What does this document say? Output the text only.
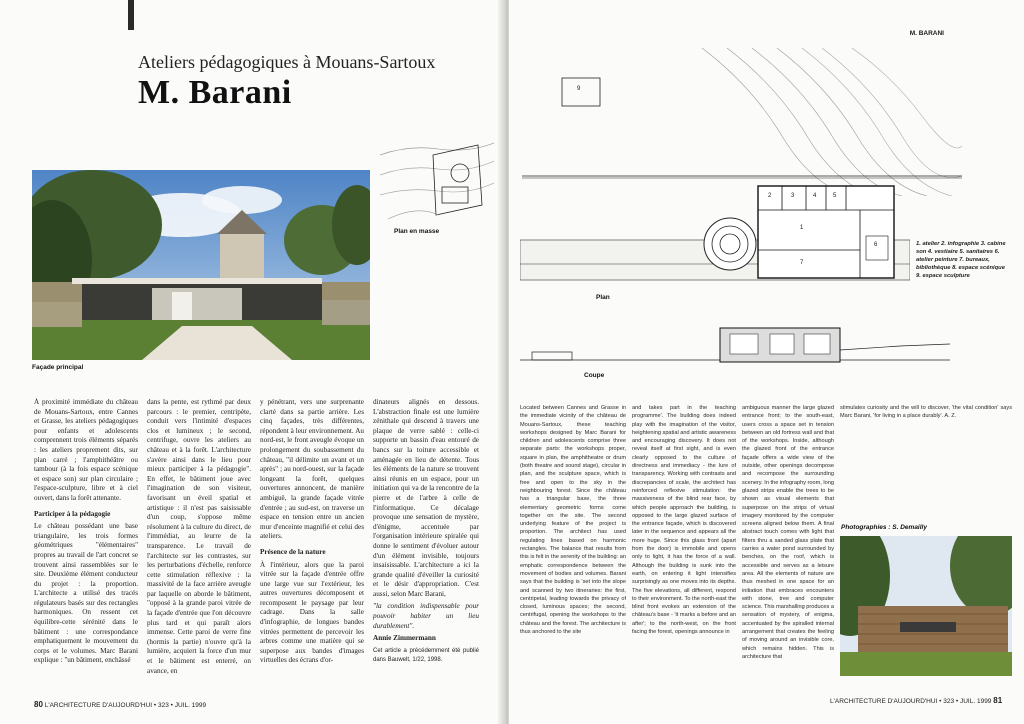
Ateliers pédagogiques à Mouans-Sartoux
M. Barani
Façade principal
Plan en masse

À proximité immédiate du château de Mouans-Sartoux, entre Cannes et Grasse, les ateliers pédagogiques pour enfants et adolescents comprennent trois éléments séparés : les ateliers proprement dits, sur plan carré ; l'amphithéâtre ou tambour (à la fois espace scénique et espace son) sur plan circulaire ; l'espace-sculpture, libre et à ciel ouvert, dans la forêt attenante.

Participer à la pédagogie

Le château possédant une base triangulaire, les trois formes géométriques "élémentaires" propres au travail de l'art concret se trouvent ainsi rassemblées sur le site. Deuxième élément conducteur du projet : la proportion. L'architecte a utilisé des tracés régulateurs basés sur des rectangles harmoniques. On ressent cet équilibre-cette sérénité dans le bâtiment : une correspondance emphatiquement le mouvement du corps et le volumes. Marc Barani explique : "un bâtiment, enchâssé

dans la pente, est rythmé par deux parcours : le premier, centripète, conduit vers l'intimité d'espaces clos et lumineux ; le second, centrifuge, ouvre les ateliers au château et à la forêt. L'architecture s'avère ainsi dans le lieu pour mieux participer à la pédagogie". En effet, le bâtiment joue avec l'imagination de son visiteur, favorisant un éveil spatial et artistique : il n'est pas saisissable d'un coup, s'oppose même résolument à la culture du direct, de l'immédiat, au leurre de la transparence. Le travail de l'architecte sur les contrastes, sur les perturbations d'échelle, renforce cette stimulation réflexive : la massivité de la face arrière aveugle par laquelle on aborde le bâtiment, "opposé à la grande paroi vitrée de la façade d'entrée que l'on découvre plus tard et qui paraît alors immense. Cette paroi de verre fine (hormis la partie) n'ouvre qu'à la lumière, acquiert la force d'un mur et le bâtiment est enterré, on avance, en

y pénétrant, vers une surprenante clarté dans sa partie arrière. Les cinq façades, très différentes, répondent à leur environnement. Au nord-est, le front aveugle évoque un prolongement du soubassement du château, "il délimite un avant et un après" ; au nord-ouest, sur la façade longeant la forêt, quelques ouvertures annoncent, de manière ambiguë, la grande façade vitrée d'entrée ; au sud-est, on traverse un espace en tension entre un ancien mur d'enceinte magnifié et celui des ateliers.

Présence de la nature

À l'intérieur, alors que la paroi vitrée sur la façade d'entrée offre une large vue sur l'extérieur, les autres ouvertures décomposent et recomposent le paysage par leur cadrage. Dans la salle d'infographie, de longues bandes vitrées permettent de percevoir les arbres comme une matière qui se superpose aux bandes d'images virtuelles des écrans d'or-

dinateurs alignés en dessous. L'abstraction finale est une lumière zénithale qui descend à travers une plaque de verre sablé : celle-ci supporte un bassin d'eau entouré de bancs sur la toiture accessible et aménagée en lieu de détente. Tous les éléments de la nature se trouvent ainsi réunis en un espace, pour un initiation qui va de la rencontre de la pierre et de l'arbre à celle de l'informatique. Ce décalage provoque une sensation de mystère, d'énigme, accentuée par l'organisation intérieure spiralée qui donne le sentiment d'évoluer autour d'un élément invisible, toujours insaisissable. L'architecture a ici la grande qualité d'éveiller la curiosité et le désir d'appropriation. C'est aussi, selon Marc Barani,

"la condition indispensable pour pouvoir habiter un lieu durablement".

Annie Zimmermann

Cet article a précédemment été publié dans Bauwelt, 1/22, 1998.

80 L'ARCHITECTURE D'AUJOURD'HUI • 323 • JUIL. 1999
M. BARANI
9
2	3	4	5
1
6
7
Plan
1. atelier 2. infographie 3. cabine son 4. vestiaire 5. sanitaires 6. atelier peinture 7. bureaux, bibliothèque 8. espace scénique 9. espace sculpture
Coupe
Located between Cannes and Grasse in the immediate vicinity of the château de Mouans-Sartoux, these teaching workshops designed by Marc Barani for children and adolescents comprise three separate parts: the workshops proper, square in plan, the amphitheatre or drum (both theatre and sound stage), circular in plan, and the sculpture space, which is free and open to the sky in the neighbouring forest. Since the château has a triangular base, the three elementary geometric forms come together on the site. The second underlying feature of the project is proportion. The architect has used regulating lines based on harmonic rectangles. The balance that results from this is felt in the serenity of the building: an emphatic correspondence between the movement of bodies and volumes. Barani says that the building is 'set into the slope and scanned by two itineraries: the first, centripetal, leading towards the privacy of closed, luminous spaces; the second, centrifugal, opening the workshops to the château and the forest. The architecture is thus anchored to the site
and takes part in the teaching programme'. The building does indeed play with the imagination of the visitor, heightening spatial and artistic awareness and encouraging discovery. It does not reveal itself at first sight, and is even clearly opposed to the culture of directness and immediacy - the lure of transparency. Working with contrasts and discrepancies of scale, the architect has reinforced reflexive stimulation: the massiveness of the blind rear face, by which people approach the building, is opposed to the large glazed surface of the entrance façade, which is discovered later in the sequence and appears all the more huge. Since this glass front (apart from the door) is immobile and opens only to light, it has the force of a wall. Although the building is sunk into the earth, on entering it light intensifies surprisingly as one moves into its depths. The five elevations, all different, respond to their environment. To the north-east the blind front evokes an extension of the château's base - 'it marks a before and an after'; to the north-west, on the front facing the forest, openings announce in
ambiguous manner the large glazed entrance front; to the south-east, users cross a space set in tension between an old fortress wall and that of the workshops. Inside, although the glazed front of the entrance façade offers a wide view of the outside, other openings decompose and recompose the surrounding scenery. In the infography room, long glazed strips enable the trees to be shown as visual elements that superpose on the strips of virtual imagery monitored by the computer screens aligned below them. A final abstract touch comes with light that filters thru a sanded glass plate that carries a water pond surrounded by benches, on the roof, which is accessible and serves as a leisure area. All the elements of nature are thus meshed in one space for an initiation that embraces encounters with stone, tree and computer science. This marshalling produces a sensation of mystery, of enigma, accentuated by the spiralled internal arrangement that creates the feeling of moving around an invisible core, which remains hidden. This is architecture that
stimulates curiosity and the will to discover, 'the vital condition' says Marc Barani, 'for living in a place durably'. A. Z.
Photographies : S. Demailly
L'ARCHITECTURE D'AUJOURD'HUI • 323 • JUIL. 1999 81
